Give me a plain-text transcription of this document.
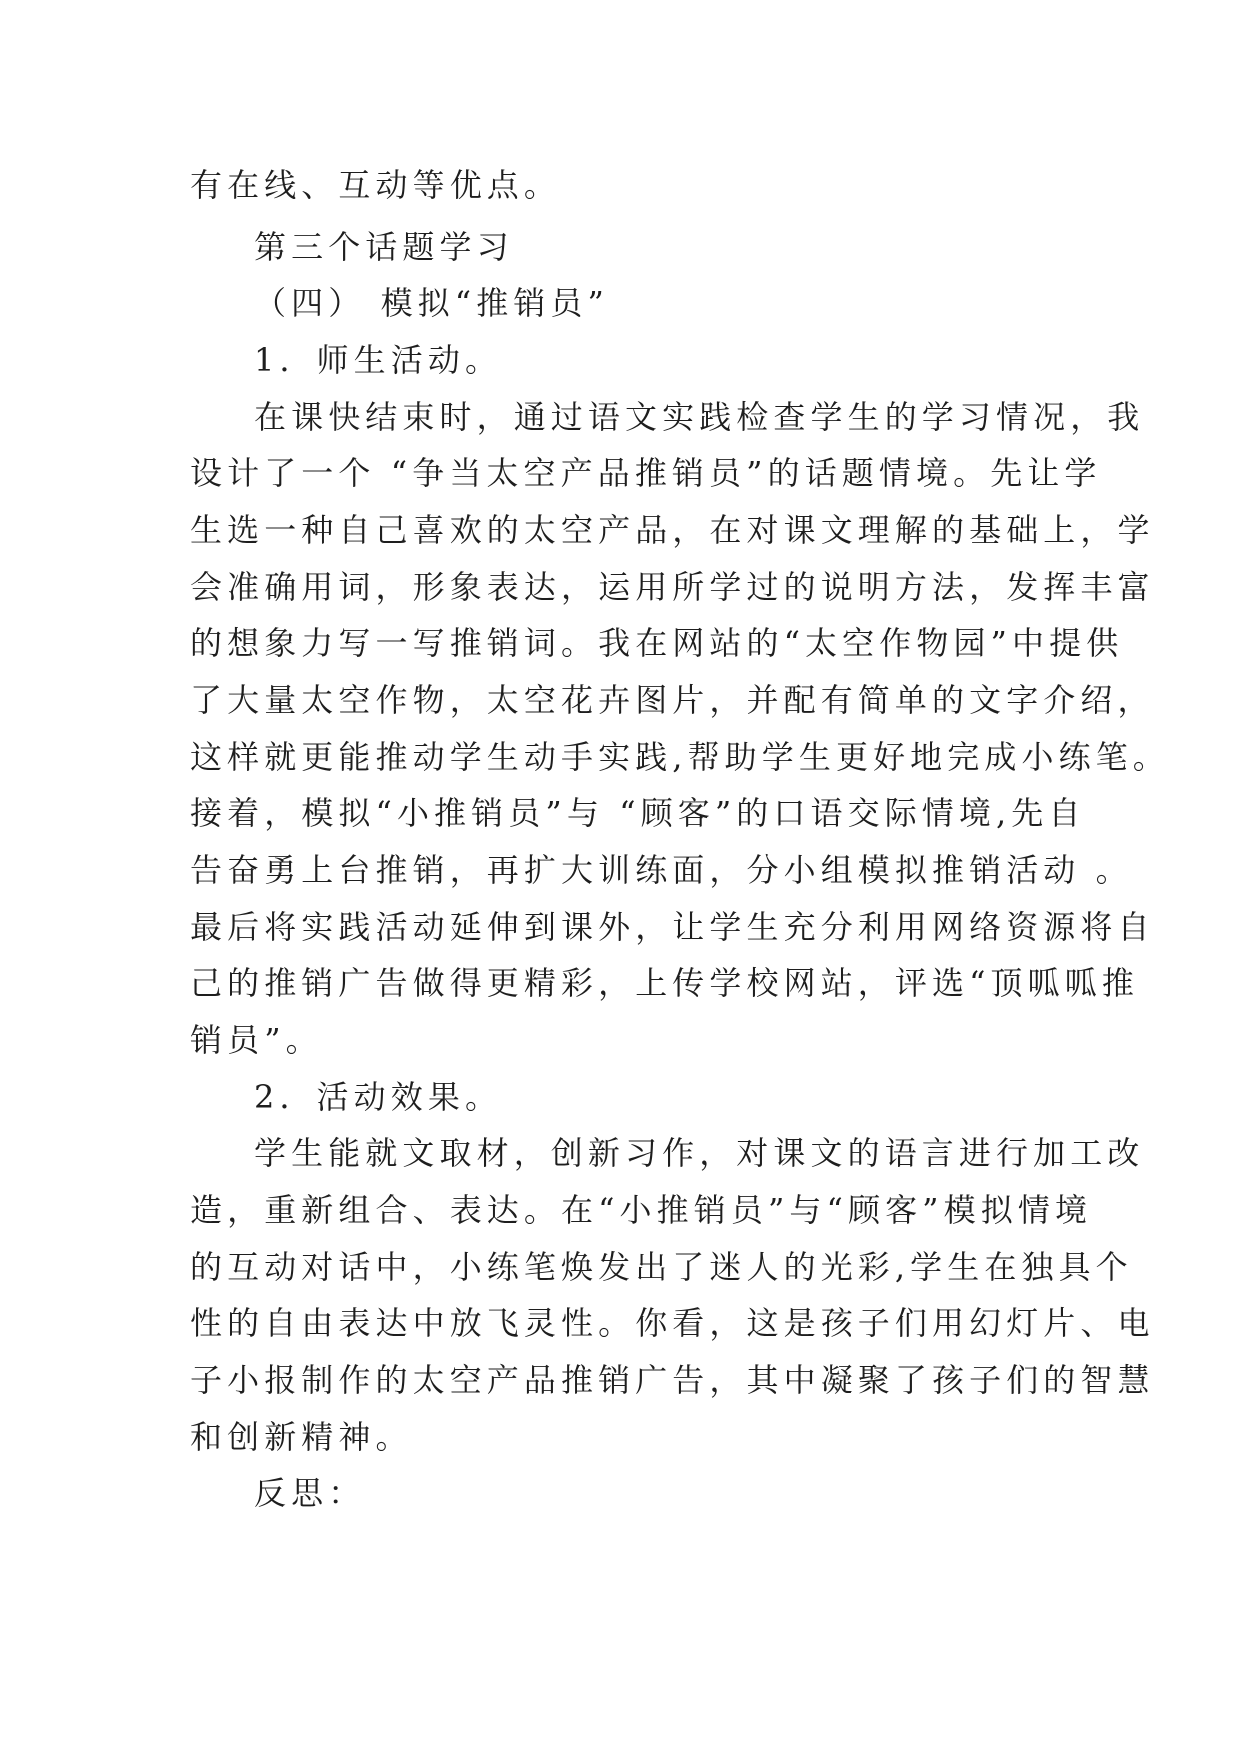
有在线、互动等优点。
第三个话题学习
（四） 模拟“推销员”
1．师生活动。
在课快结束时，通过语文实践检查学生的学习情况，我
设计了一个 “争当太空产品推销员”的话题情境。先让学
生选一种自己喜欢的太空产品，在对课文理解的基础上，学
会准确用词，形象表达，运用所学过的说明方法，发挥丰富
的想象力写一写推销词。我在网站的“太空作物园”中提供
了大量太空作物，太空花卉图片，并配有简单的文字介绍，
这样就更能推动学生动手实践,帮助学生更好地完成小练笔。
接着，模拟“小推销员”与 “顾客”的口语交际情境,先自
告奋勇上台推销，再扩大训练面，分小组模拟推销活动 。
最后将实践活动延伸到课外，让学生充分利用网络资源将自
己的推销广告做得更精彩，上传学校网站，评选“顶呱呱推
销员”。
2．活动效果。
学生能就文取材，创新习作，对课文的语言进行加工改
造，重新组合、表达。在“小推销员”与“顾客”模拟情境
的互动对话中，小练笔焕发出了迷人的光彩,学生在独具个
性的自由表达中放飞灵性。你看，这是孩子们用幻灯片、电
子小报制作的太空产品推销广告，其中凝聚了孩子们的智慧
和创新精神。
反思：
